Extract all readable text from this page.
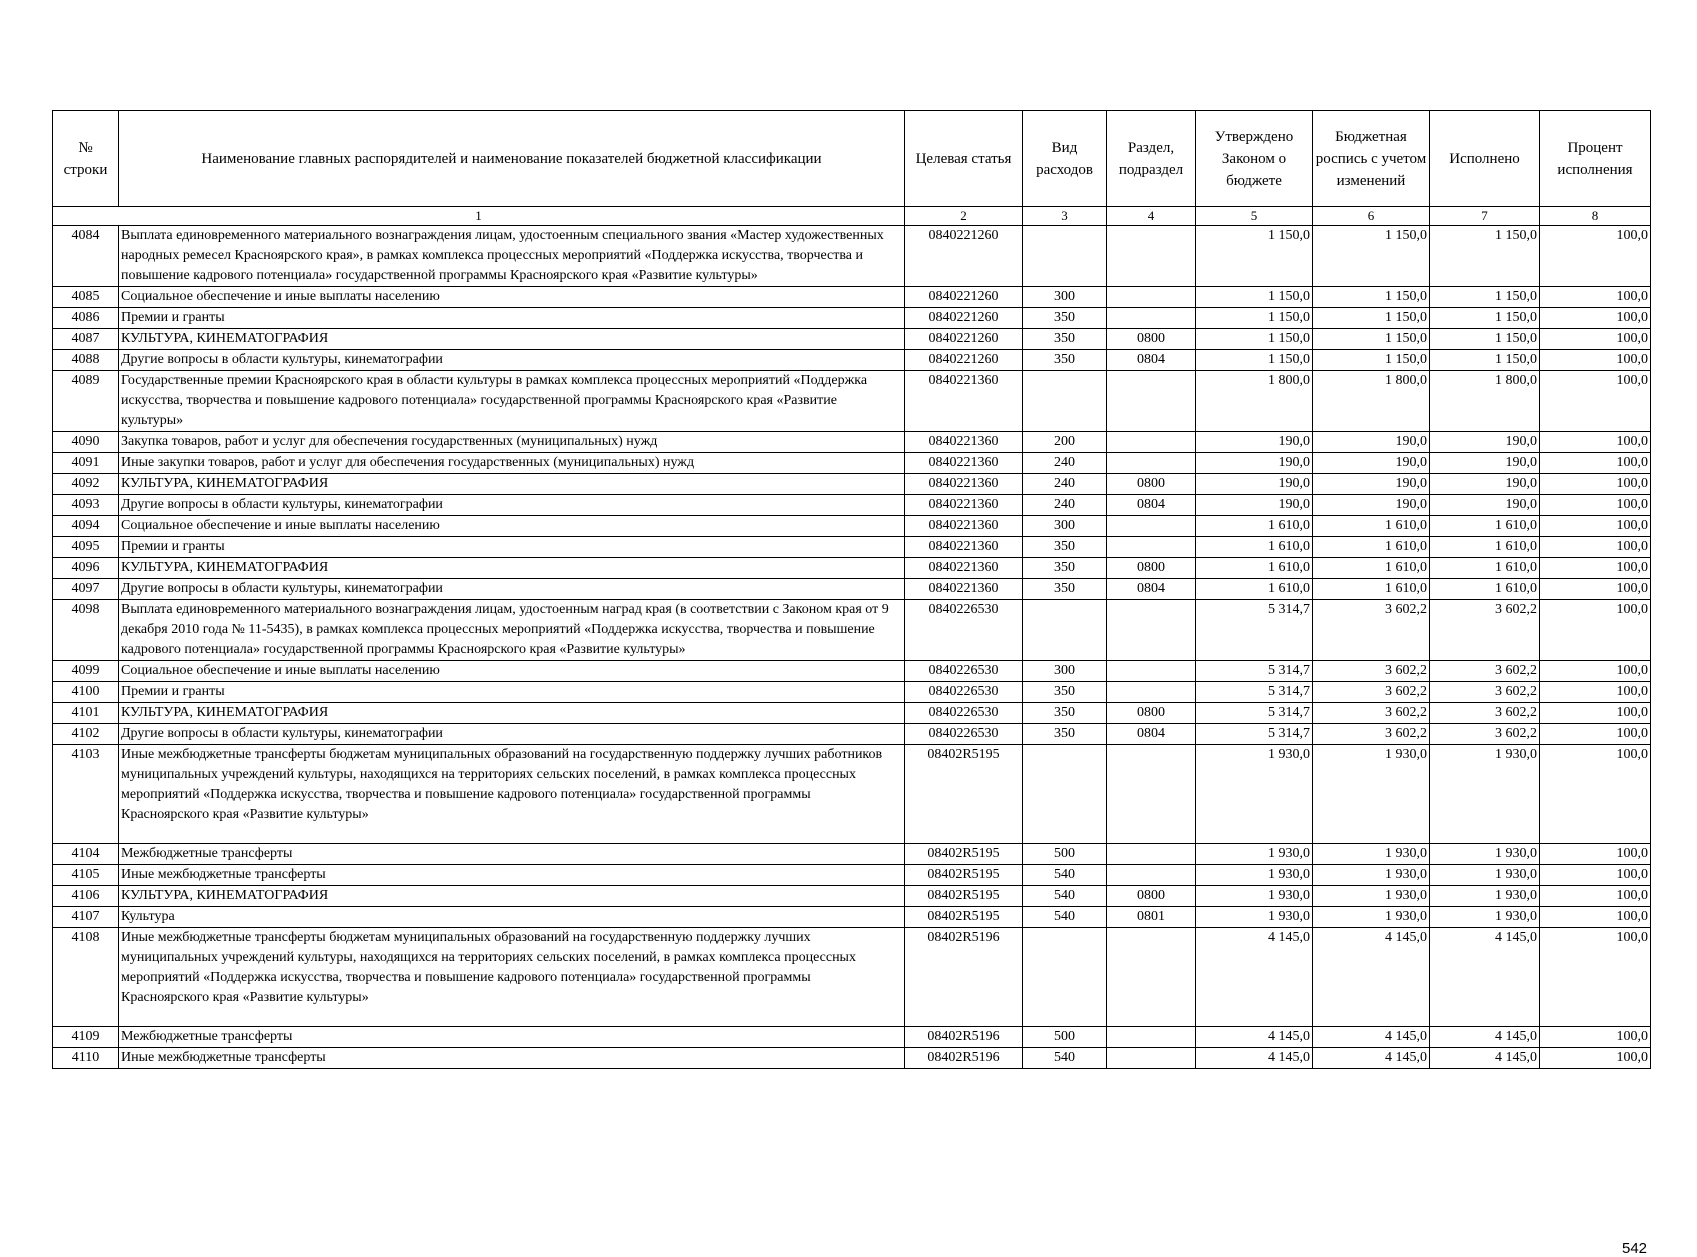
№ строки	Наименование главных распорядителей и наименование показателей бюджетной классификации	Целевая статья	Вид расходов	Раздел, подраздел	Утверждено Законом о бюджете	Бюджетная роспись с учетом изменений	Исполнено	Процент исполнения
1		2	3	4	5	6	7	8
4084	Выплата единовременного материального вознаграждения лицам, удостоенным специального звания «Мастер художественных народных ремесел Красноярского края», в рамках комплекса процессных мероприятий «Поддержка искусства, творчества и повышение кадрового потенциала» государственной программы Красноярского края «Развитие культуры»	0840221260			1 150,0	1 150,0	1 150,0	100,0
4085	Социальное обеспечение и иные выплаты населению	0840221260	300		1 150,0	1 150,0	1 150,0	100,0
4086	Премии и гранты	0840221260	350		1 150,0	1 150,0	1 150,0	100,0
4087	КУЛЬТУРА, КИНЕМАТОГРАФИЯ	0840221260	350	0800	1 150,0	1 150,0	1 150,0	100,0
4088	Другие вопросы в области культуры, кинематографии	0840221260	350	0804	1 150,0	1 150,0	1 150,0	100,0
4089	Государственные премии Красноярского края в области культуры в рамках комплекса процессных мероприятий «Поддержка искусства, творчества и повышение кадрового потенциала» государственной программы Красноярского края «Развитие культуры»	0840221360			1 800,0	1 800,0	1 800,0	100,0
4090	Закупка товаров, работ и услуг для обеспечения государственных (муниципальных) нужд	0840221360	200		190,0	190,0	190,0	100,0
4091	Иные закупки товаров, работ и услуг для обеспечения государственных (муниципальных) нужд	0840221360	240		190,0	190,0	190,0	100,0
4092	КУЛЬТУРА, КИНЕМАТОГРАФИЯ	0840221360	240	0800	190,0	190,0	190,0	100,0
4093	Другие вопросы в области культуры, кинематографии	0840221360	240	0804	190,0	190,0	190,0	100,0
4094	Социальное обеспечение и иные выплаты населению	0840221360	300		1 610,0	1 610,0	1 610,0	100,0
4095	Премии и гранты	0840221360	350		1 610,0	1 610,0	1 610,0	100,0
4096	КУЛЬТУРА, КИНЕМАТОГРАФИЯ	0840221360	350	0800	1 610,0	1 610,0	1 610,0	100,0
4097	Другие вопросы в области культуры, кинематографии	0840221360	350	0804	1 610,0	1 610,0	1 610,0	100,0
4098	Выплата единовременного материального вознаграждения лицам, удостоенным наград края (в соответствии с Законом края от 9 декабря 2010 года № 11-5435), в рамках комплекса процессных мероприятий «Поддержка искусства, творчества и повышение кадрового потенциала» государственной программы Красноярского края «Развитие культуры»	0840226530			5 314,7	3 602,2	3 602,2	100,0
4099	Социальное обеспечение и иные выплаты населению	0840226530	300		5 314,7	3 602,2	3 602,2	100,0
4100	Премии и гранты	0840226530	350		5 314,7	3 602,2	3 602,2	100,0
4101	КУЛЬТУРА, КИНЕМАТОГРАФИЯ	0840226530	350	0800	5 314,7	3 602,2	3 602,2	100,0
4102	Другие вопросы в области культуры, кинематографии	0840226530	350	0804	5 314,7	3 602,2	3 602,2	100,0
4103	Иные межбюджетные трансферты бюджетам муниципальных образований на государственную поддержку лучших работников муниципальных учреждений культуры, находящихся на территориях сельских поселений, в рамках комплекса процессных мероприятий «Поддержка искусства, творчества и повышение кадрового потенциала» государственной программы Красноярского края «Развитие культуры»	08402R5195			1 930,0	1 930,0	1 930,0	100,0
4104	Межбюджетные трансферты	08402R5195	500		1 930,0	1 930,0	1 930,0	100,0
4105	Иные межбюджетные трансферты	08402R5195	540		1 930,0	1 930,0	1 930,0	100,0
4106	КУЛЬТУРА, КИНЕМАТОГРАФИЯ	08402R5195	540	0800	1 930,0	1 930,0	1 930,0	100,0
4107	Культура	08402R5195	540	0801	1 930,0	1 930,0	1 930,0	100,0
4108	Иные межбюджетные трансферты бюджетам муниципальных образований на государственную поддержку лучших муниципальных учреждений культуры, находящихся на территориях сельских поселений, в рамках комплекса процессных мероприятий «Поддержка искусства, творчества и повышение кадрового потенциала» государственной программы Красноярского края «Развитие культуры»	08402R5196			4 145,0	4 145,0	4 145,0	100,0
4109	Межбюджетные трансферты	08402R5196	500		4 145,0	4 145,0	4 145,0	100,0
4110	Иные межбюджетные трансферты	08402R5196	540		4 145,0	4 145,0	4 145,0	100,0
542
